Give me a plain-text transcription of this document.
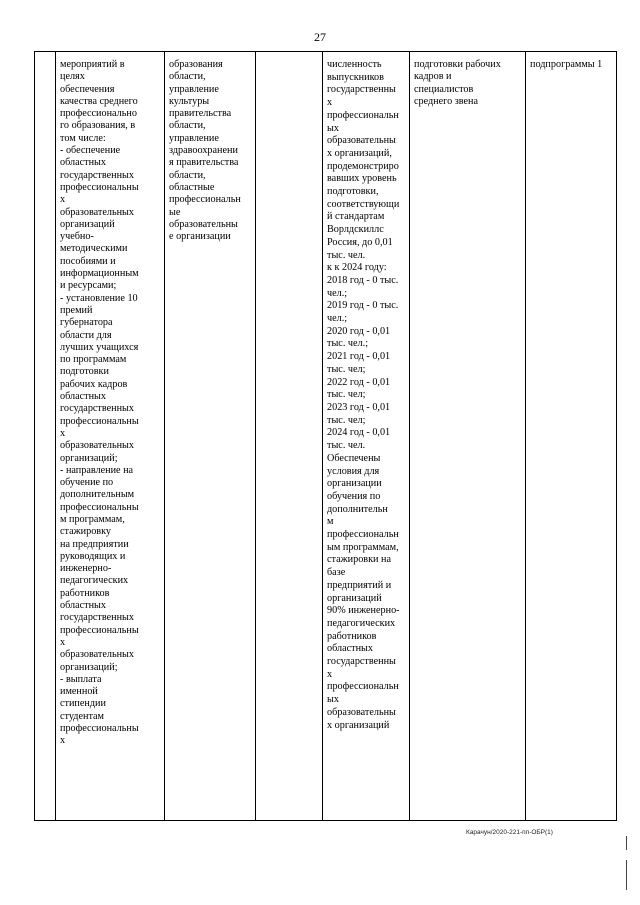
27
	мероприятий в
целях
обеспечения
качества среднего
профессионально
го образования, в
том числе:
- обеспечение
областных
государственных
профессиональны
х
образовательных
организаций
учебно-
методическими
пособиями и
информационным
и ресурсами;
- установление 10
премий
губернатора
области для
лучших учащихся
по программам
подготовки
рабочих кадров
областных
государственных
профессиональны
х
образовательных
организаций;
- направление на
обучение по
дополнительным
профессиональны
м программам,
стажировку
на предприятии
руководящих и
инженерно-
педагогических
работников
областных
государственных
профессиональны
х
образовательных
организаций;
- выплата
именной
стипендии
студентам
профессиональны
х	образования
области,
управление
культуры
правительства
области,
управление
здравоохранени
я правительства
области,
областные
профессиональн
ые
образовательны
е организации		численность
выпускников
государственны
х
профессиональн
ых
образовательны
х организаций,
продемонстриро
вавших уровень
подготовки,
соответствующи
й стандартам
Ворлдскиллс
Россия, до 0,01
тыс. чел.
к к 2024 году:
2018 год - 0 тыс.
чел.;
2019 год - 0 тыс.
чел.;
2020 год - 0,01
тыс. чел.;
2021 год - 0,01
тыс. чел;
2022 год - 0,01
тыс. чел;
2023 год - 0,01
тыс. чел;
2024 год - 0,01
тыс. чел.
Обеспечены
условия для
организации
обучения по
дополнительн
м
профессиональн
ым программам,
стажировки на
базе
предприятий и
организаций
90% инженерно-
педагогических
работников
областных
государственны
х
профессиональн
ых
образовательны
х организаций	подготовки рабочих
кадров и
специалистов
среднего звена	подпрограммы 1
Карачун/2020-221-пп-ОБР(1)
